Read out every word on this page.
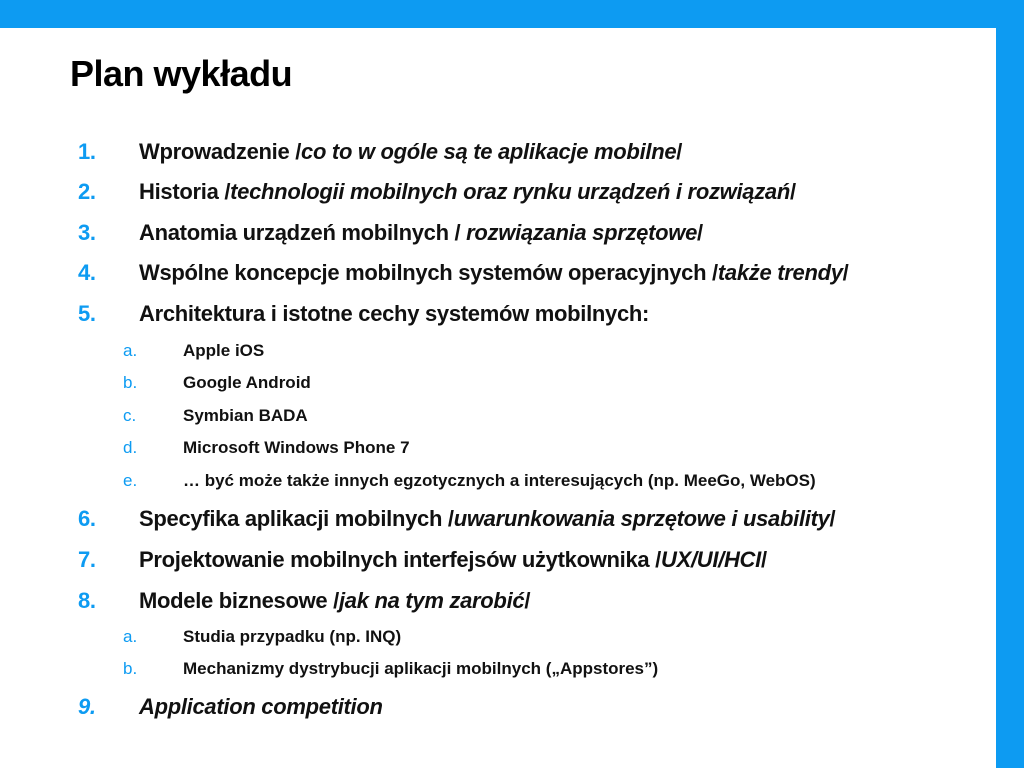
Plan wykładu
1. Wprowadzenie /co to w ogóle są te aplikacje mobilne/
2. Historia /technologii mobilnych oraz rynku urządzeń i rozwiązań/
3. Anatomia urządzeń mobilnych / rozwiązania sprzętowe/
4. Wspólne koncepcje mobilnych systemów operacyjnych /także trendy/
5. Architektura i istotne cechy systemów mobilnych:
a.	Apple iOS
b.	Google Android
c.	Symbian BADA
d.	Microsoft Windows Phone 7
e.	… być może także innych egzotycznych a interesujących (np. MeeGo, WebOS)
6. Specyfika aplikacji mobilnych /uwarunkowania sprzętowe i usability/
7. Projektowanie mobilnych interfejsów użytkownika /UX/UI/HCI/
8. Modele biznesowe /jak na tym zarobić/
a.	Studia przypadku (np. INQ)
b.	Mechanizmy dystrybucji aplikacji mobilnych („Appstores”)
9. Application competition
